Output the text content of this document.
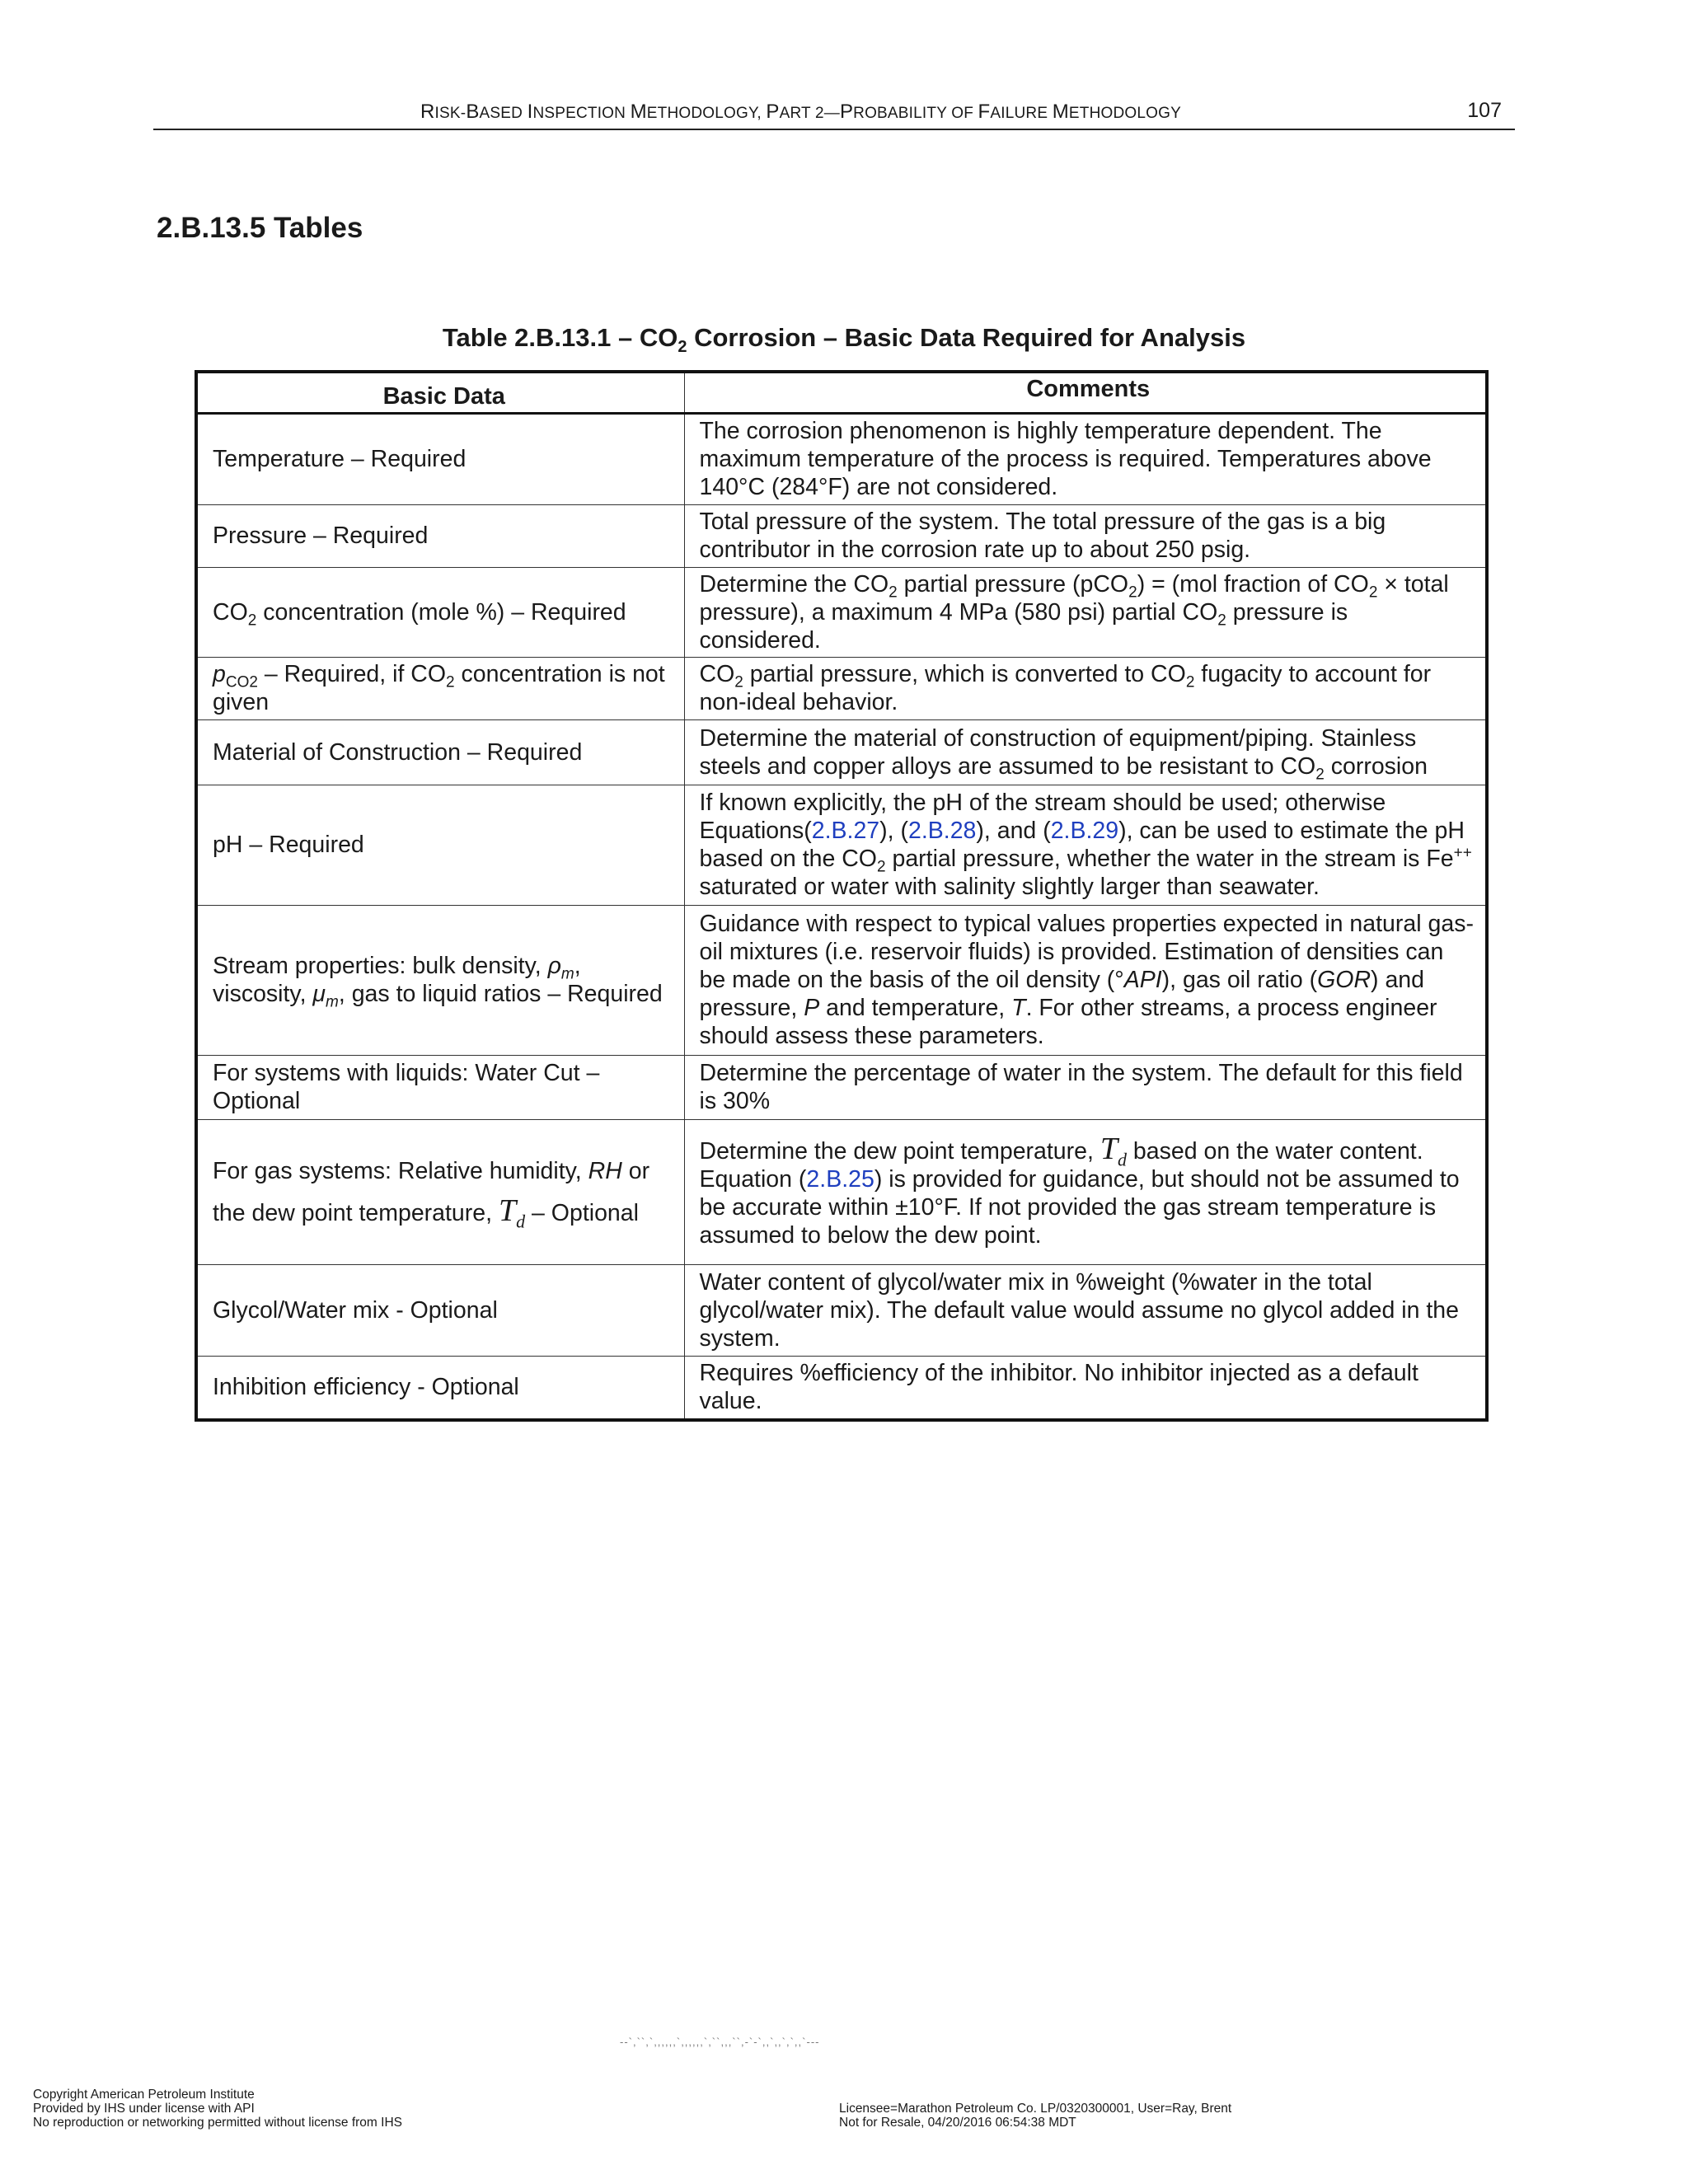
RISK-BASED INSPECTION METHODOLOGY, PART 2—PROBABILITY OF FAILURE METHODOLOGY	107
2.B.13.5 Tables
Table $2.B.13.1 - CO_2$ Corrosion – Basic Data Required for Analysis
Basic Data	Comments
Temperature – Required	The corrosion phenomenon is highly temperature dependent. The maximum temperature of the process is required. Temperatures above 140°C (284°F) are not considered.
Pressure – Required	Total pressure of the system. The total pressure of the gas is a big contributor in the corrosion rate up to about 250 psig.
$CO_2$ concentration (mole %) – Required	Determine the $CO_2$ partial pressure (pCO$_2$) = (mol fraction of $CO_2$ × total pressure), a maximum 4 MPa (580 psi) partial $CO_2$ pressure is considered.
$p_{CO2}$ – Required, if $CO_2$ concentration is not given	$CO_2$ partial pressure, which is converted to $CO_2$ fugacity to account for non-ideal behavior.
Material of Construction – Required	Determine the material of construction of equipment/piping. Stainless steels and copper alloys are assumed to be resistant to $CO_2$ corrosion
pH – Required	If known explicitly, the pH of the stream should be used; otherwise Equations(2.B.27), (2.B.28), and (2.B.29), can be used to estimate the pH based on the $CO_2$ partial pressure, whether the water in the stream is Fe++ saturated or water with salinity slightly larger than seawater.
Stream properties: bulk density, $\rho_m$, viscosity, $\mu_m$, gas to liquid ratios – Required	Guidance with respect to typical values properties expected in natural gas-oil mixtures (i.e. reservoir fluids) is provided. Estimation of densities can be made on the basis of the oil density (°API), gas oil ratio (GOR) and pressure, P and temperature, T. For other streams, a process engineer should assess these parameters.
For systems with liquids: Water Cut – Optional	Determine the percentage of water in the system. The default for this field is 30%
For gas systems: Relative humidity, RH or the dew point temperature, $T_d$ – Optional	Determine the dew point temperature, $T_d$ based on the water content. Equation (2.B.25) is provided for guidance, but should not be assumed to be accurate within ±10°F. If not provided the gas stream temperature is assumed to below the dew point.
Glycol/Water mix - Optional	Water content of glycol/water mix in %weight (%water in the total glycol/water mix). The default value would assume no glycol added in the system.
Inhibition efficiency - Optional	Requires %efficiency of the inhibitor. No inhibitor injected as a default value.
--`,``,`,,,,,,`,,,,,,`,``,,,``,-`-`,,`,,`,`,,`---
Copyright American Petroleum Institute
Provided by IHS under license with API
No reproduction or networking permitted without license from IHS
Licensee=Marathon Petroleum Co. LP/0320300001, User=Ray, Brent
Not for Resale, 04/20/2016 06:54:38 MDT
